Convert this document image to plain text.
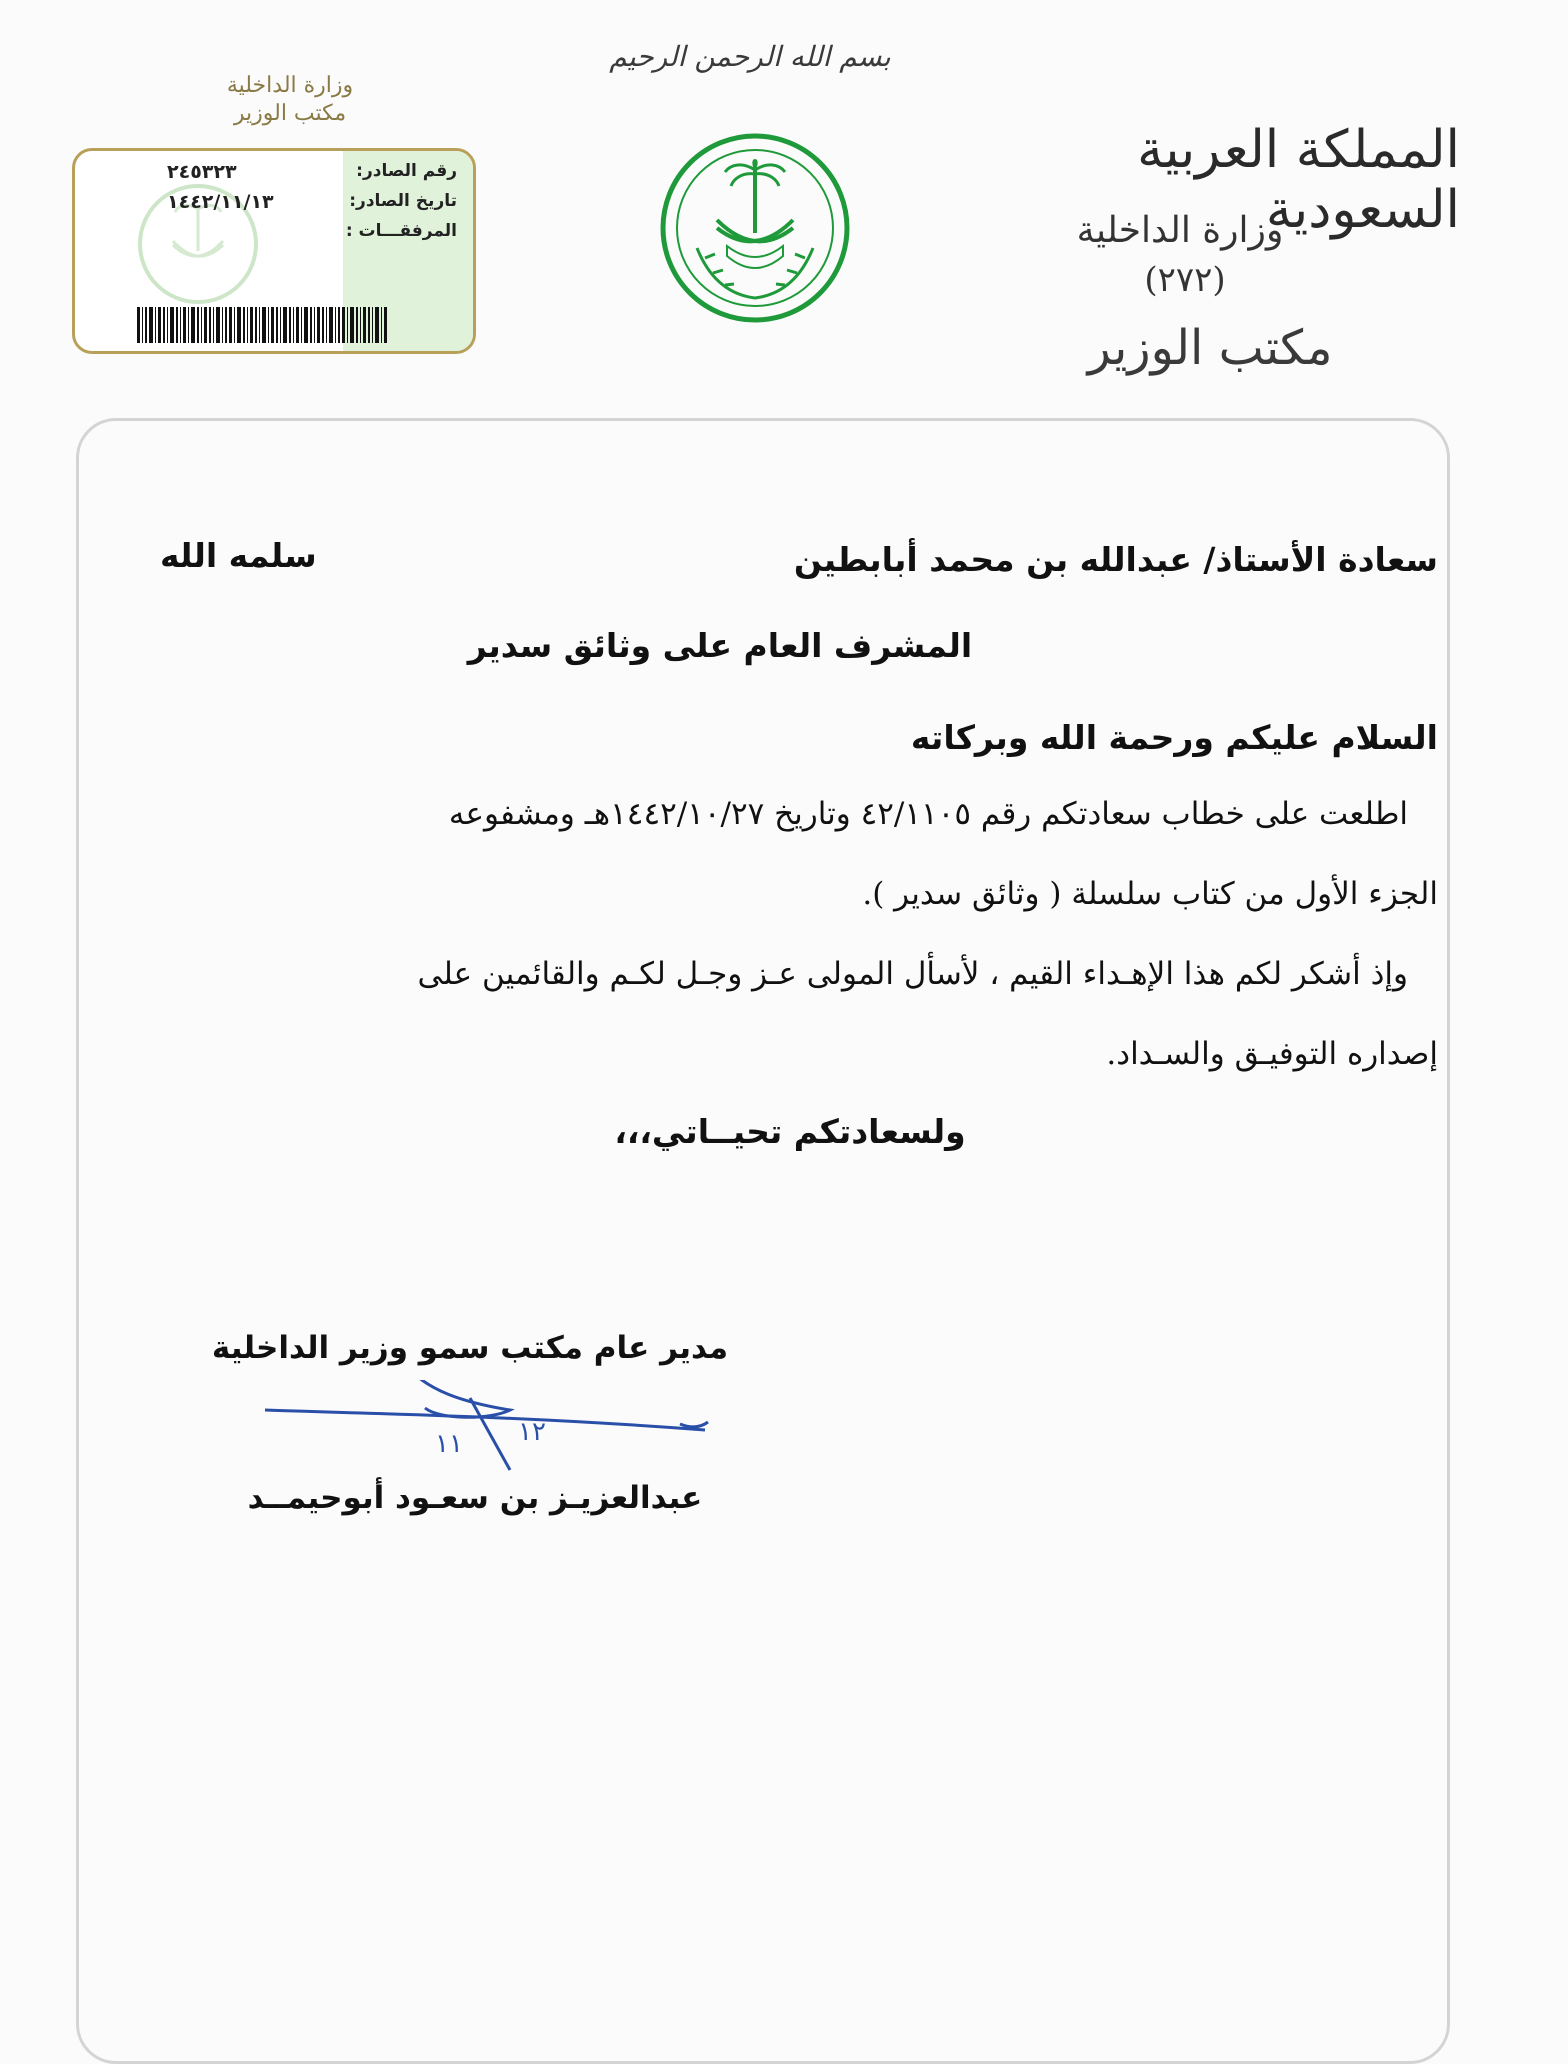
بسم الله الرحمن الرحيم
المملكة العربية السعودية
وزارة الداخلية
(٢٧٢)
مكتب الوزير
وزارة الداخلية
مكتب الوزير
رقم الصادر:
٢٤٥٣٢٣
تاريخ الصادر:
١٤٤٢/١١/١٣
المرفقـــات :
سعادة الأستاذ/ عبدالله بن محمد أبابطين
سلمه الله
المشرف العام على وثائق سدير
السلام عليكم ورحمة الله وبركاته
اطلعت على خطاب سعادتكم رقم ٤٢/١١٠٥ وتاريخ ١٤٤٢/١٠/٢٧هـ ومشفوعه
الجزء الأول من كتاب سلسلة ( وثائق سدير ).
وإذ أشكر لكم هذا الإهـداء القيم ، لأسأل المولى عـز وجـل لكـم والقائمين على
إصداره التوفيـق والسـداد.
ولسعادتكم تحيــاتي،،،
مدير عام مكتب سمو وزير الداخلية
١١ ١٢
عبدالعزيـز بن سعـود أبوحيمــد
